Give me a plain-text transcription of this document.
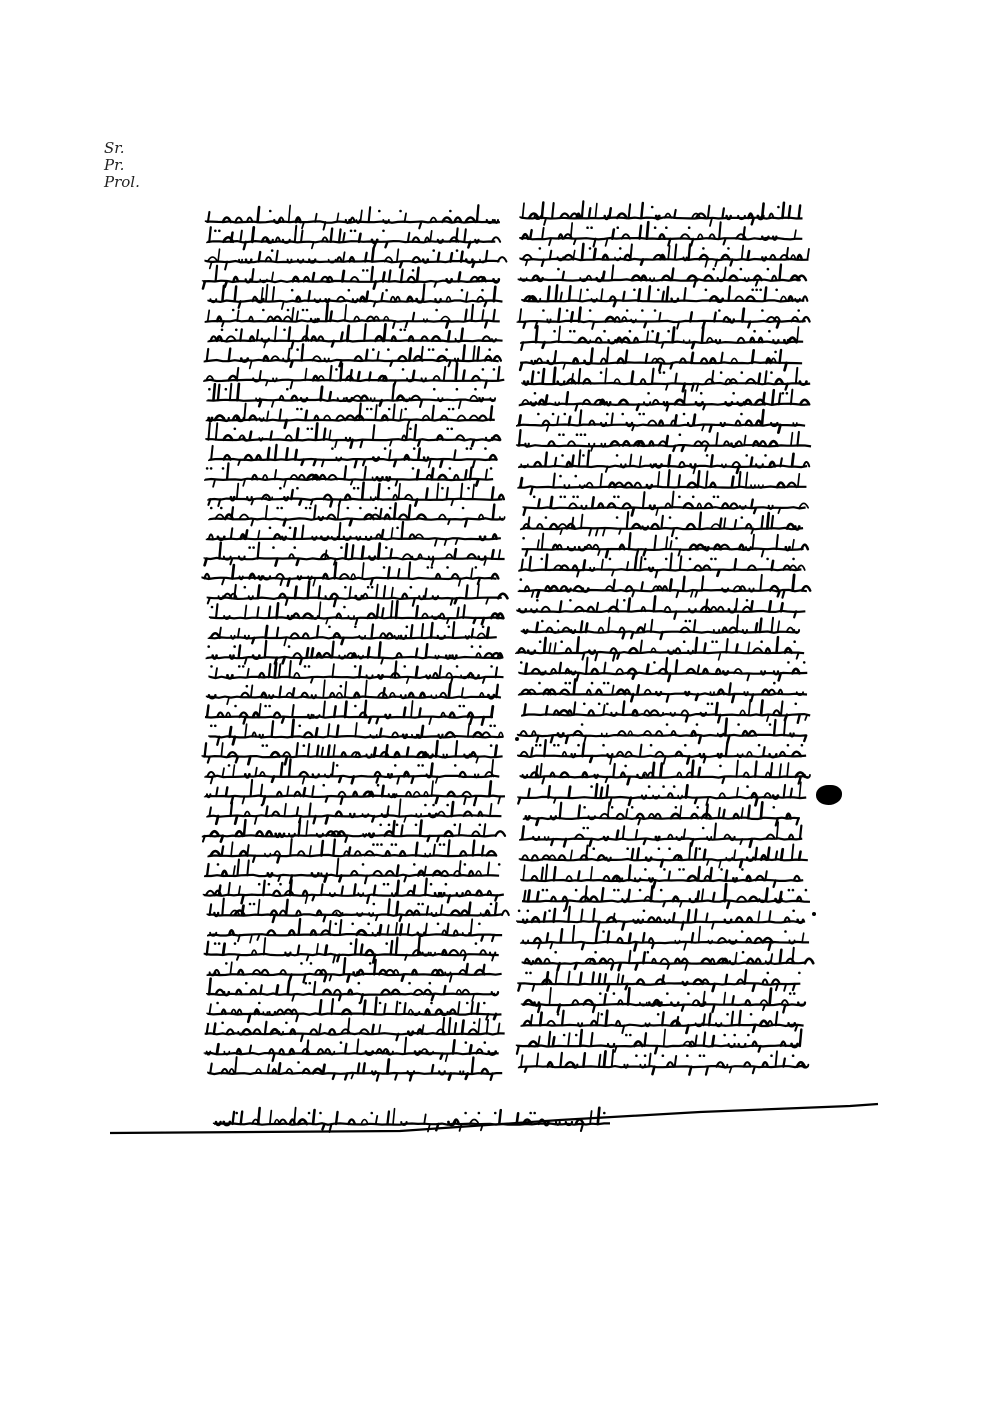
Sr.
Pr.
Prol.
